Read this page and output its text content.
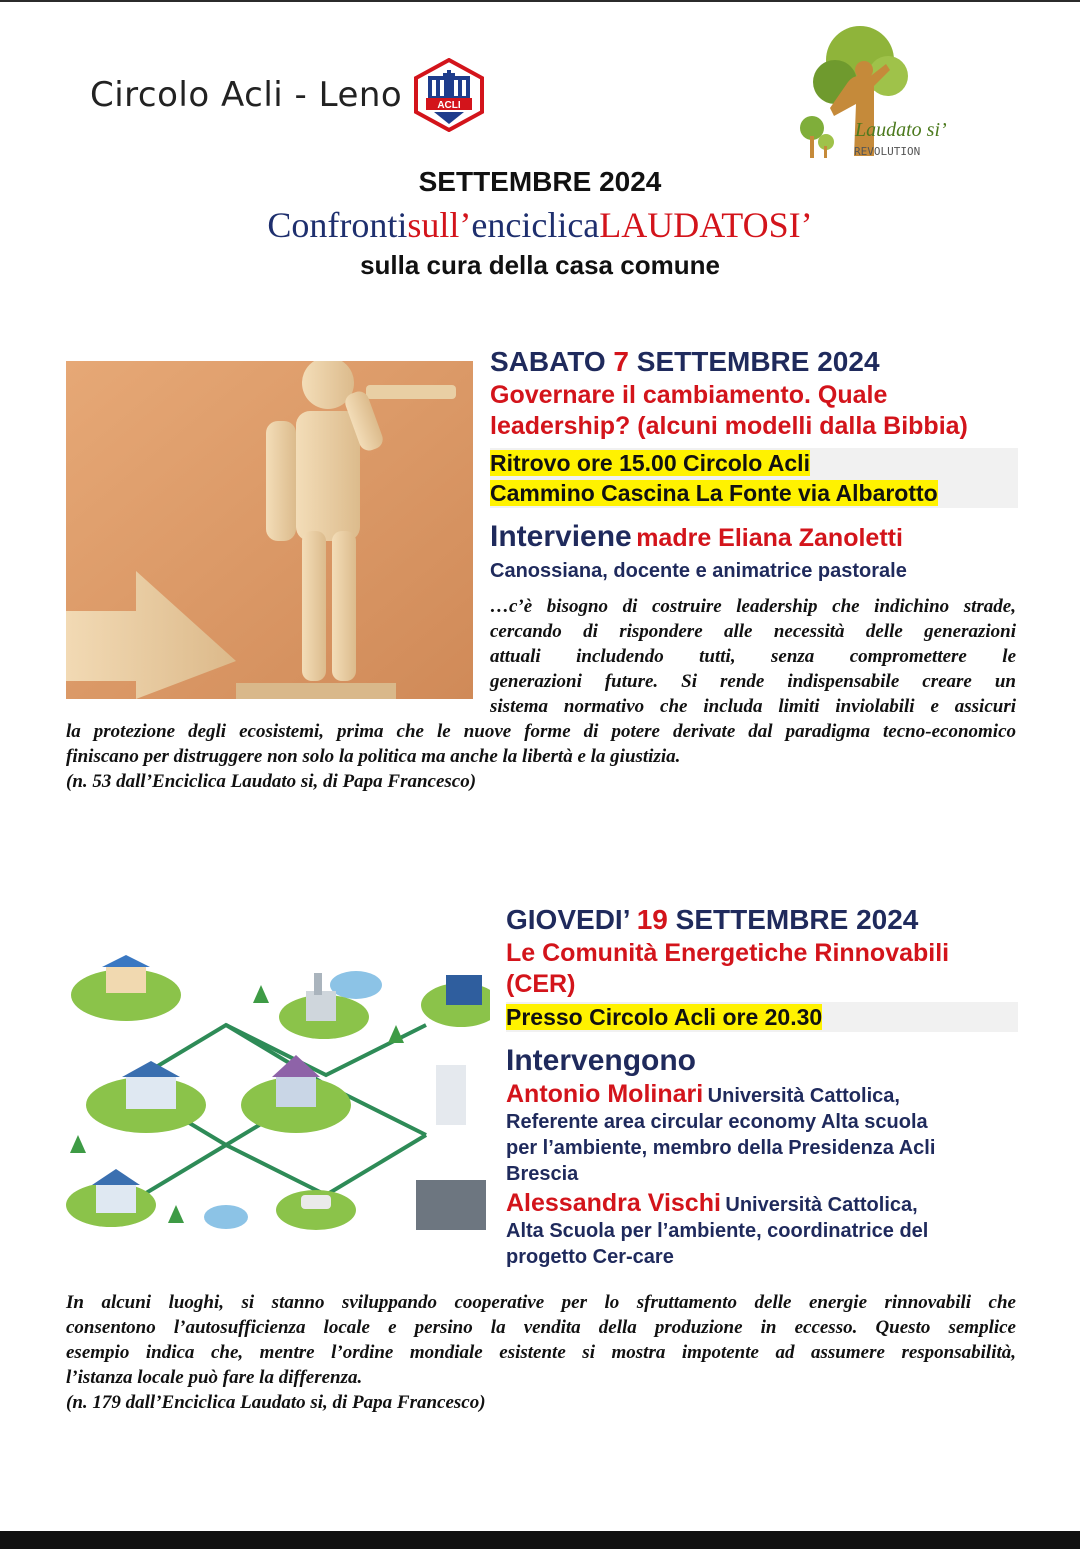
Circolo Acli - Leno	ACLI
Laudato si’
REVOLUTION
SETTEMBRE 2024
Confrontisull’enciclicaLAUDATOSI’
sulla cura della casa comune
SABATO 7 SETTEMBRE 2024
Governare il cambiamento. Quale
leadership? (alcuni modelli dalla Bibbia)
Ritrovo ore 15.00 Circolo Acli
Cammino Cascina La Fonte via Albarotto
Interviene madre Eliana Zanoletti
Canossiana, docente e animatrice pastorale
…c’è bisogno di costruire leadership che indichino strade,
cercando di rispondere alle necessità delle generazioni
attuali includendo tutti, senza compromettere le
generazioni future. Si rende indispensabile creare un
sistema normativo che includa limiti inviolabili e assicuri
la protezione degli ecosistemi, prima che le nuove forme di potere derivate dal paradigma tecno-economico
finiscano per distruggere non solo la politica ma anche la libertà e la giustizia.
(n. 53 dall’Enciclica Laudato si, di Papa Francesco)
GIOVEDI’ 19 SETTEMBRE 2024
Le Comunità Energetiche Rinnovabili
(CER)
Presso Circolo Acli ore 20.30
Intervengono
Antonio Molinari Università Cattolica,
Referente area circular economy Alta scuola
per l’ambiente, membro della Presidenza Acli
Brescia
Alessandra Vischi Università Cattolica,
Alta Scuola per l’ambiente, coordinatrice del
progetto Cer-care
In alcuni luoghi, si stanno sviluppando cooperative per lo sfruttamento delle energie rinnovabili che
consentono l’autosufficienza locale e persino la vendita della produzione in eccesso. Questo semplice
esempio indica che, mentre l’ordine mondiale esistente si mostra impotente ad assumere responsabilità,
l’istanza locale può fare la differenza.
(n. 179 dall’Enciclica Laudato si, di Papa Francesco)
